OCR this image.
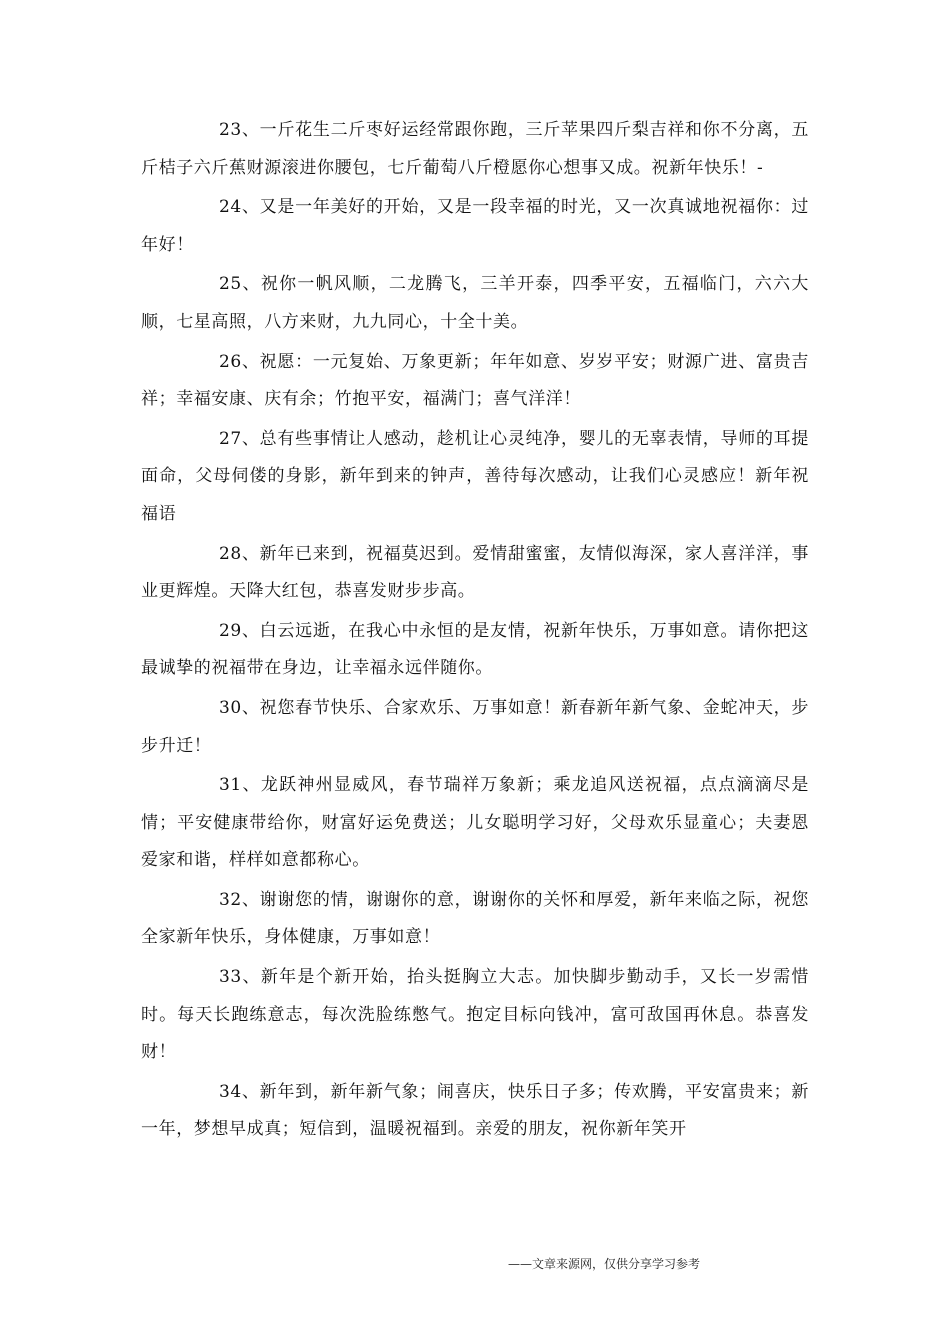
23、一斤花生二斤枣好运经常跟你跑，三斤苹果四斤梨吉祥和你不分离，五斤桔子六斤蕉财源滚进你腰包，七斤葡萄八斤橙愿你心想事又成。祝新年快乐！-

24、又是一年美好的开始，又是一段幸福的时光，又一次真诚地祝福你：过年好！

25、祝你一帆风顺，二龙腾飞，三羊开泰，四季平安，五福临门，六六大顺，七星高照，八方来财，九九同心，十全十美。

26、祝愿：一元复始、万象更新；年年如意、岁岁平安；财源广进、富贵吉祥；幸福安康、庆有余；竹抱平安，福满门；喜气洋洋！

27、总有些事情让人感动，趁机让心灵纯净，婴儿的无辜表情，导师的耳提面命，父母伺偻的身影，新年到来的钟声，善待每次感动，让我们心灵感应！新年祝福语

28、新年已来到，祝福莫迟到。爱情甜蜜蜜，友情似海深，家人喜洋洋，事业更辉煌。天降大红包，恭喜发财步步高。

29、白云远逝，在我心中永恒的是友情，祝新年快乐，万事如意。请你把这最诚挚的祝福带在身边，让幸福永远伴随你。

30、祝您春节快乐、合家欢乐、万事如意！新春新年新气象、金蛇冲天，步步升迁！

31、龙跃神州显威风，春节瑞祥万象新；乘龙追风送祝福，点点滴滴尽是情；平安健康带给你，财富好运免费送；儿女聪明学习好，父母欢乐显童心；夫妻恩爱家和谐，样样如意都称心。

32、谢谢您的情，谢谢你的意，谢谢你的关怀和厚爱，新年来临之际，祝您全家新年快乐，身体健康，万事如意！

33、新年是个新开始，抬头挺胸立大志。加快脚步勤动手，又长一岁需惜时。每天长跑练意志，每次洗脸练憋气。抱定目标向钱冲，富可敌国再休息。恭喜发财！

34、新年到，新年新气象；闹喜庆，快乐日子多；传欢腾，平安富贵来；新一年，梦想早成真；短信到，温暖祝福到。亲爱的朋友，祝你新年笑开

——文章来源网，仅供分享学习参考
